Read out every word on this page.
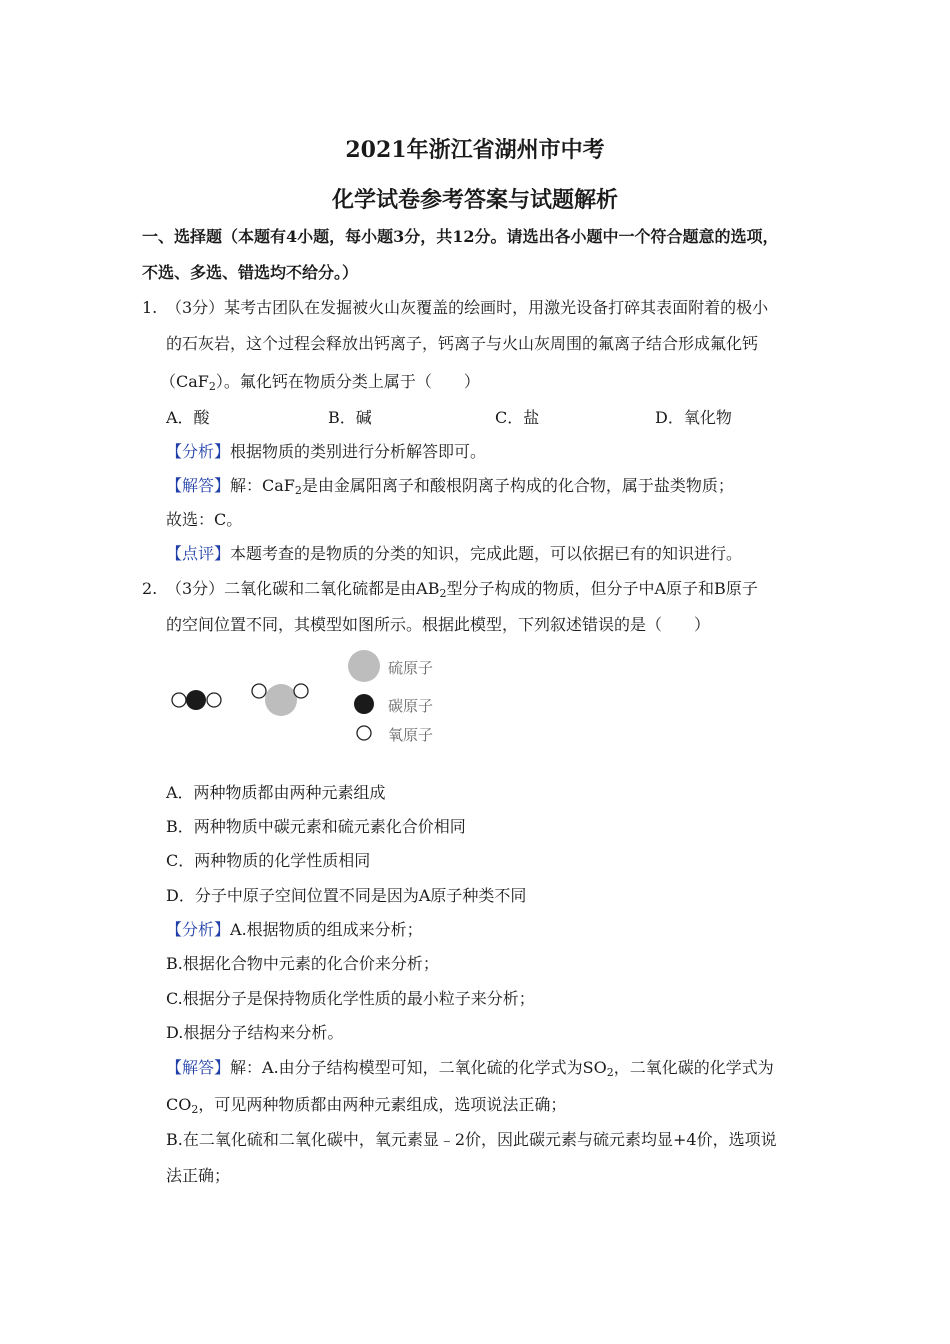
2021年浙江省湖州市中考
化学试卷参考答案与试题解析
一、选择题（本题有4小题，每小题3分，共12分。请选出各小题中一个符合题意的选项，
不选、多选、错选均不给分。）
1. （3分）某考古团队在发掘被火山灰覆盖的绘画时，用激光设备打碎其表面附着的极小
的石灰岩，这个过程会释放出钙离子，钙离子与火山灰周围的氟离子结合形成氟化钙
（CaF$_2$）。氟化钙在物质分类上属于（　　）
A．酸	B．碱	C．盐	D．氧化物
【分析】根据物质的类别进行分析解答即可。
【解答】解：CaF$_2$是由金属阳离子和酸根阴离子构成的化合物，属于盐类物质；
故选：C。
【点评】本题考查的是物质的分类的知识，完成此题，可以依据已有的知识进行。
2. （3分）二氧化碳和二氧化硫都是由$AB_2$型分子构成的物质，但分子中A原子和B原子
的空间位置不同，其模型如图所示。根据此模型，下列叙述错误的是（　　）
硫原子
碳原子
氧原子
A．两种物质都由两种元素组成
B．两种物质中碳元素和硫元素化合价相同
C．两种物质的化学性质相同
D．分子中原子空间位置不同是因为A原子种类不同
【分析】A.根据物质的组成来分析；
B.根据化合物中元素的化合价来分析；
C.根据分子是保持物质化学性质的最小粒子来分析；
D.根据分子结构来分析。
【解答】解：A.由分子结构模型可知，二氧化硫的化学式为$SO_2$，二氧化碳的化学式为
$CO_2$，可见两种物质都由两种元素组成，选项说法正确；
B.在二氧化硫和二氧化碳中，氧元素显﹣2价，因此碳元素与硫元素均显+4价，选项说
法正确；
